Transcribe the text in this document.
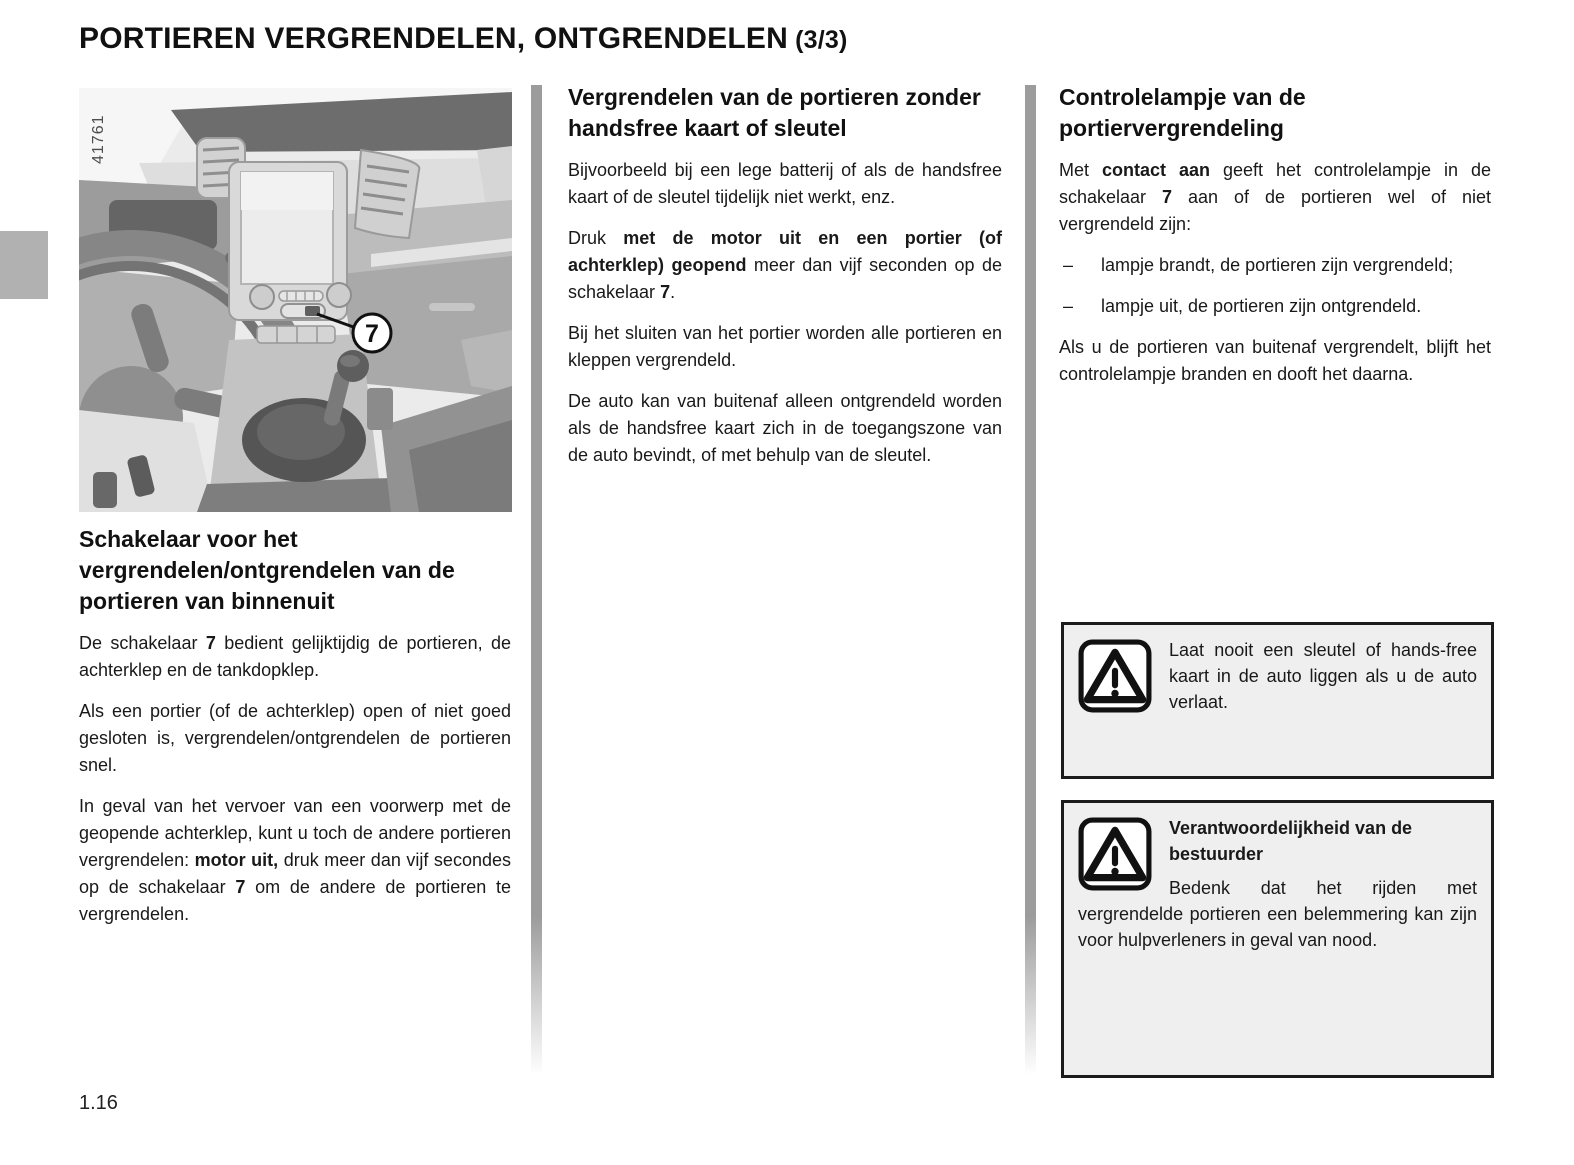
PORTIEREN VERGRENDELEN, ONTGRENDELEN (3/3)
41761
7
Schakelaar voor het vergrendelen/ontgrendelen van de portieren van binnenuit

De schakelaar 7 bedient gelijktijdig de portieren, de achterklep en de tankdopklep.

Als een portier (of de achterklep) open of niet goed gesloten is, vergrendelen/ontgrendelen de portieren snel.

In geval van het vervoer van een voorwerp met de geopende achterklep, kunt u toch de andere portieren vergrendelen: motor uit, druk meer dan vijf secondes op de schakelaar 7 om de andere de portieren te vergrendelen.

Vergrendelen van de portieren zonder handsfree kaart of sleutel

Bijvoorbeeld bij een lege batterij of als de handsfree kaart of de sleutel tijdelijk niet werkt, enz.

Druk met de motor uit en een portier (of achterklep) geopend meer dan vijf seconden op de schakelaar 7.

Bij het sluiten van het portier worden alle portieren en kleppen vergrendeld.

De auto kan van buitenaf alleen ontgrendeld worden als de handsfree kaart zich in de toegangszone van de auto bevindt, of met behulp van de sleutel.

Controlelampje van de portiervergrendeling

Met contact aan geeft het controlelampje in de schakelaar 7 aan of de portieren wel of niet vergrendeld zijn:

–	lampje brandt, de portieren zijn vergrendeld;
–	lampje uit, de portieren zijn ontgrendeld.

Als u de portieren van buitenaf vergrendelt, blijft het controlelampje branden en dooft het daarna.

Laat nooit een sleutel of hands-free kaart in de auto liggen als u de auto verlaat.

Verantwoordelijkheid van de bestuurder

Bedenk dat het rijden met vergrendelde portieren een belemmering kan zijn voor hulpverleners in geval van nood.

1.16
